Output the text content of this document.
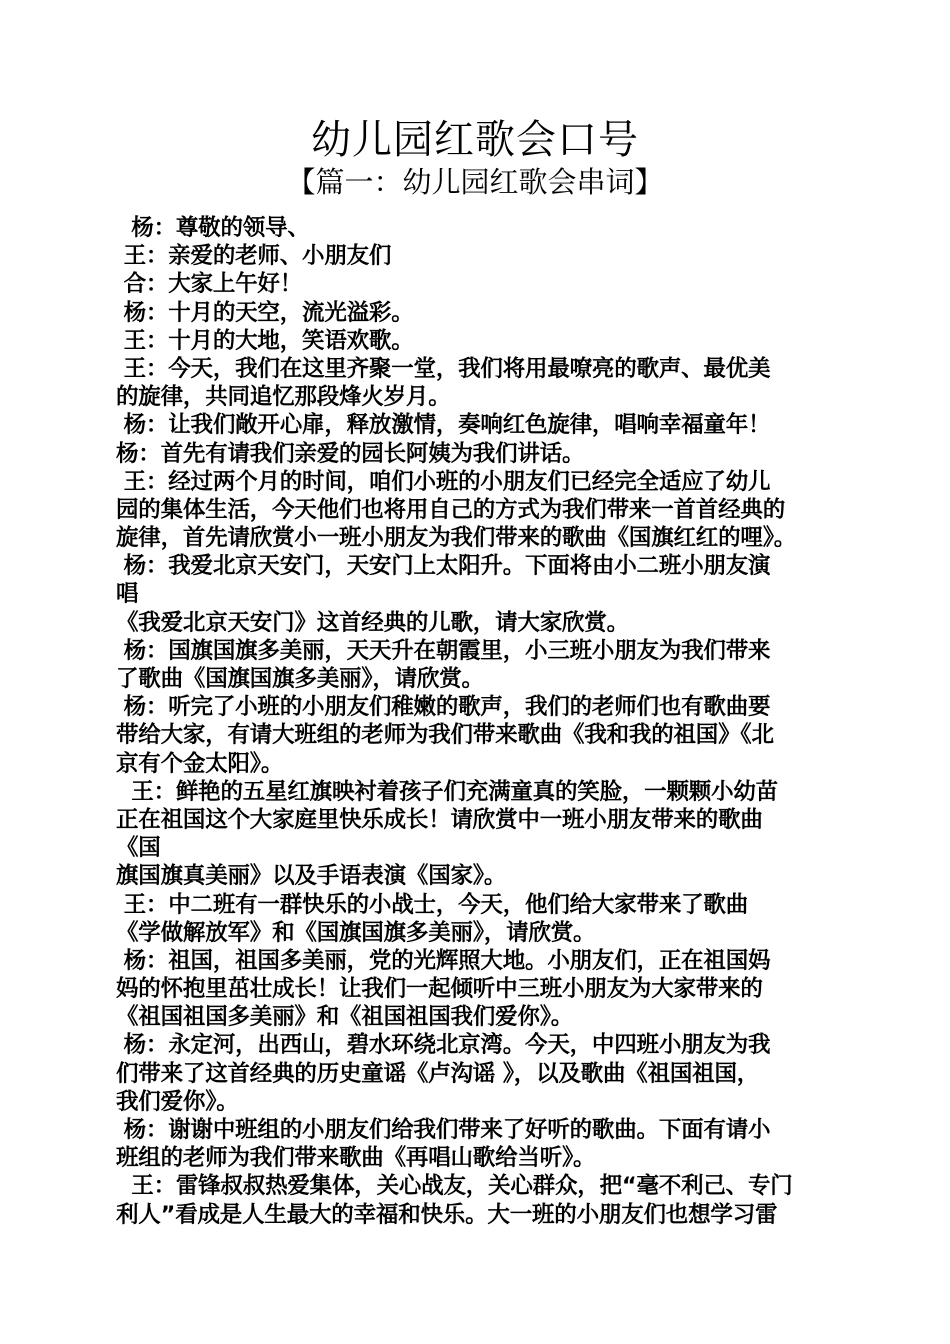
幼儿园红歌会口号
【篇一：幼儿园红歌会串词】
杨：尊敬的领导、
王：亲爱的老师、小朋友们
合：大家上午好！
杨：十月的天空，流光溢彩。
王：十月的大地，笑语欢歌。
王：今天，我们在这里齐聚一堂，我们将用最嘹亮的歌声、最优美
的旋律，共同追忆那段烽火岁月。
杨：让我们敞开心扉，释放激情，奏响红色旋律，唱响幸福童年！
杨：首先有请我们亲爱的园长阿姨为我们讲话。
王：经过两个月的时间，咱们小班的小朋友们已经完全适应了幼儿
园的集体生活，今天他们也将用自己的方式为我们带来一首首经典的
旋律，首先请欣赏小一班小朋友为我们带来的歌曲《国旗红红的哩》。
杨：我爱北京天安门，天安门上太阳升。下面将由小二班小朋友演
唱
《我爱北京天安门》这首经典的儿歌，请大家欣赏。
杨：国旗国旗多美丽，天天升在朝霞里，小三班小朋友为我们带来
了歌曲《国旗国旗多美丽》，请欣赏。
杨：听完了小班的小朋友们稚嫩的歌声，我们的老师们也有歌曲要
带给大家，有请大班组的老师为我们带来歌曲《我和我的祖国》《北
京有个金太阳》。
王：鲜艳的五星红旗映衬着孩子们充满童真的笑脸，一颗颗小幼苗
正在祖国这个大家庭里快乐成长！请欣赏中一班小朋友带来的歌曲
《国
旗国旗真美丽》以及手语表演《国家》。
王：中二班有一群快乐的小战士，今天，他们给大家带来了歌曲
《学做解放军》和《国旗国旗多美丽》，请欣赏。
杨：祖国，祖国多美丽，党的光辉照大地。小朋友们，正在祖国妈
妈的怀抱里茁壮成长！让我们一起倾听中三班小朋友为大家带来的
《祖国祖国多美丽》和《祖国祖国我们爱你》。
杨：永定河，出西山，碧水环绕北京湾。今天，中四班小朋友为我
们带来了这首经典的历史童谣《卢沟谣 》，以及歌曲《祖国祖国，
我们爱你》。
杨：谢谢中班组的小朋友们给我们带来了好听的歌曲。下面有请小
班组的老师为我们带来歌曲《再唱山歌给当听》。
王：雷锋叔叔热爱集体，关心战友，关心群众，把“毫不利己、专门
利人”看成是人生最大的幸福和快乐。大一班的小朋友们也想学习雷
